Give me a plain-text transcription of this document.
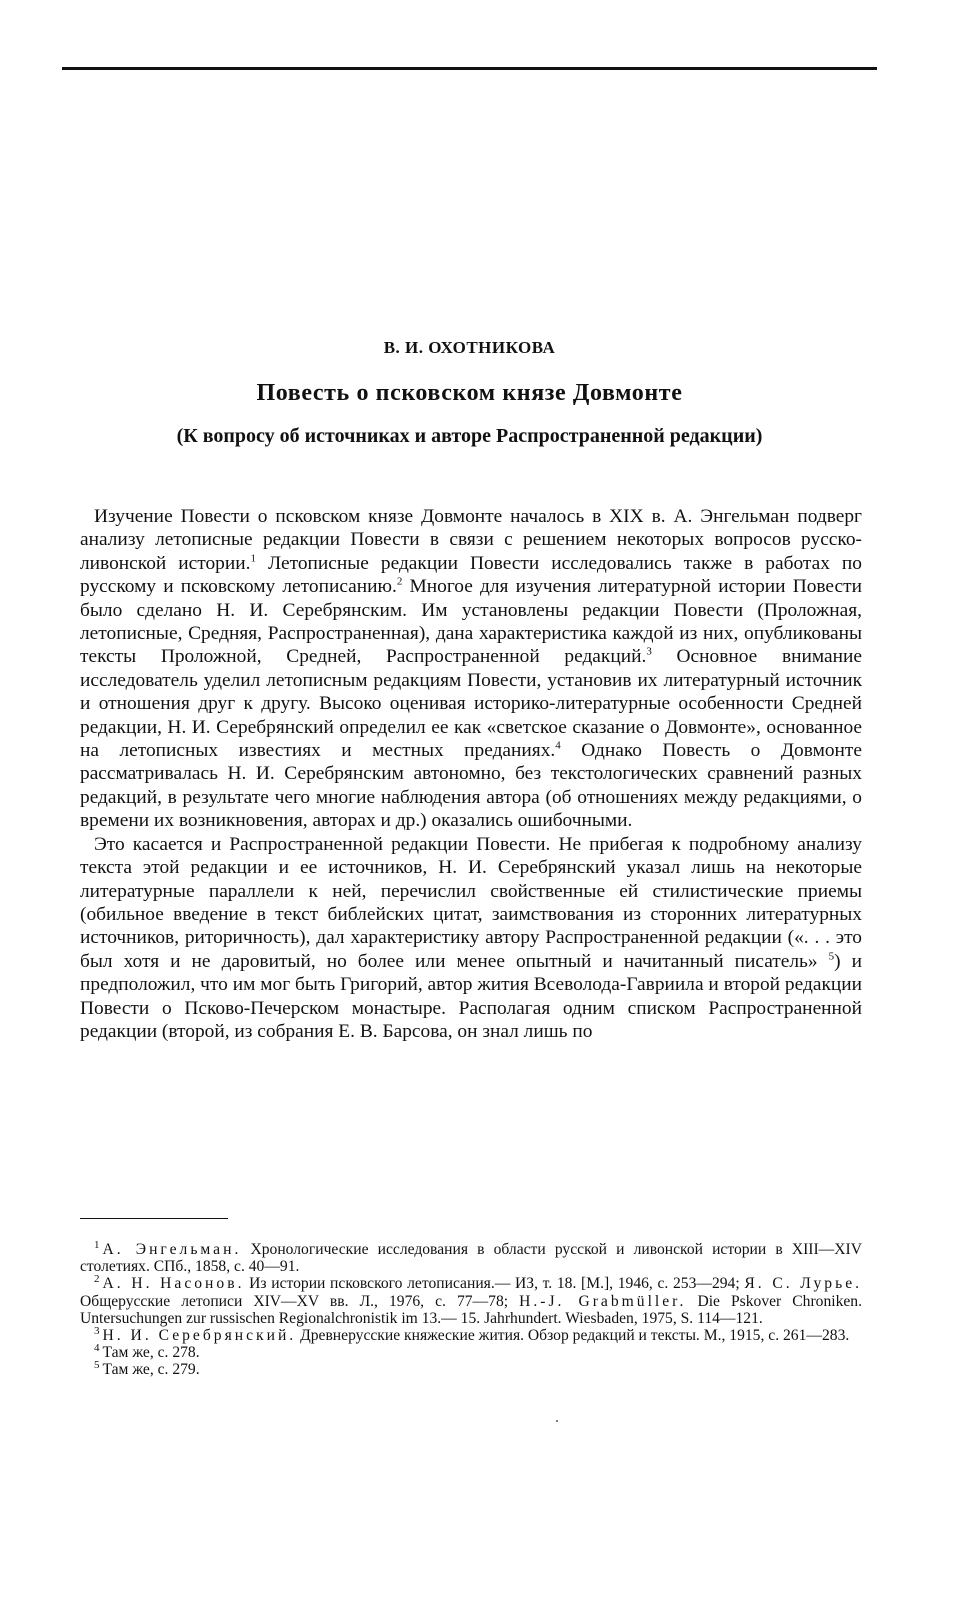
В. И. ОХОТНИКОВА
Повесть о псковском князе Довмонте
(К вопросу об источниках и авторе Распространенной редакции)

Изучение Повести о псковском князе Довмонте началось в XIX в. А. Энгельман подверг анализу летописные редакции Повести в связи с решением некоторых вопросов русско-ливонской истории.$^1$ Летописные редакции Повести исследовались также в работах по русскому и псковскому летописанию.$^2$ Многое для изучения литературной истории Повести было сделано Н. И. Серебрянским. Им установлены редакции Повести (Проложная, летописные, Средняя, Распространенная), дана характеристика каждой из них, опубликованы тексты Проложной, Средней, Распространенной редакций.$^3$ Основное внимание исследователь уделил летописным редакциям Повести, установив их литературный источник и отношения друг к другу. Высоко оценивая историко-литературные особенности Средней редакции, Н. И. Серебрянский определил ее как «светское сказание о Довмонте», основанное на летописных известиях и местных преданиях.$^4$ Однако Повесть о Довмонте рассматривалась Н. И. Серебрянским автономно, без текстологических сравнений разных редакций, в результате чего многие наблюдения автора (об отношениях между редакциями, о времени их возникновения, авторах и др.) оказались ошибочными.

Это касается и Распространенной редакции Повести. Не прибегая к подробному анализу текста этой редакции и ее источников, Н. И. Серебрянский указал лишь на некоторые литературные параллели к ней, перечислил свойственные ей стилистические приемы (обильное введение в текст библейских цитат, заимствования из сторонних литературных источников, риторичность), дал характеристику автору Распространенной редакции («. . . это был хотя и не даровитый, но более или менее опытный и начитанный писатель» $^5$) и предположил, что им мог быть Григорий, автор жития Всеволода-Гавриила и второй редакции Повести о Псково-Печерском монастыре. Располагая одним списком Распространенной редакции (второй, из собрания Е. В. Барсова, он знал лишь по

$^1$ А. Энгельман. Хронологические исследования в области русской и ливонской истории в XIII—XIV столетиях. СПб., 1858, с. 40—91.

$^2$ А. Н. Насонов. Из истории псковского летописания.— ИЗ, т. 18. [М.], 1946, с. 253—294; Я. С. Лурье. Общерусские летописи XIV—XV вв. Л., 1976, с. 77—78; H.-J. Grabmüller. Die Pskover Chroniken. Untersuchungen zur russischen Regionalchronistik im 13.— 15. Jahrhundert. Wiesbaden, 1975, S. 114—121.

$^3$ Н. И. Серебрянский. Древнерусские княжеские жития. Обзор редакций и тексты. М., 1915, с. 261—283.

$^4$ Там же, с. 278.

$^5$ Там же, с. 279.
